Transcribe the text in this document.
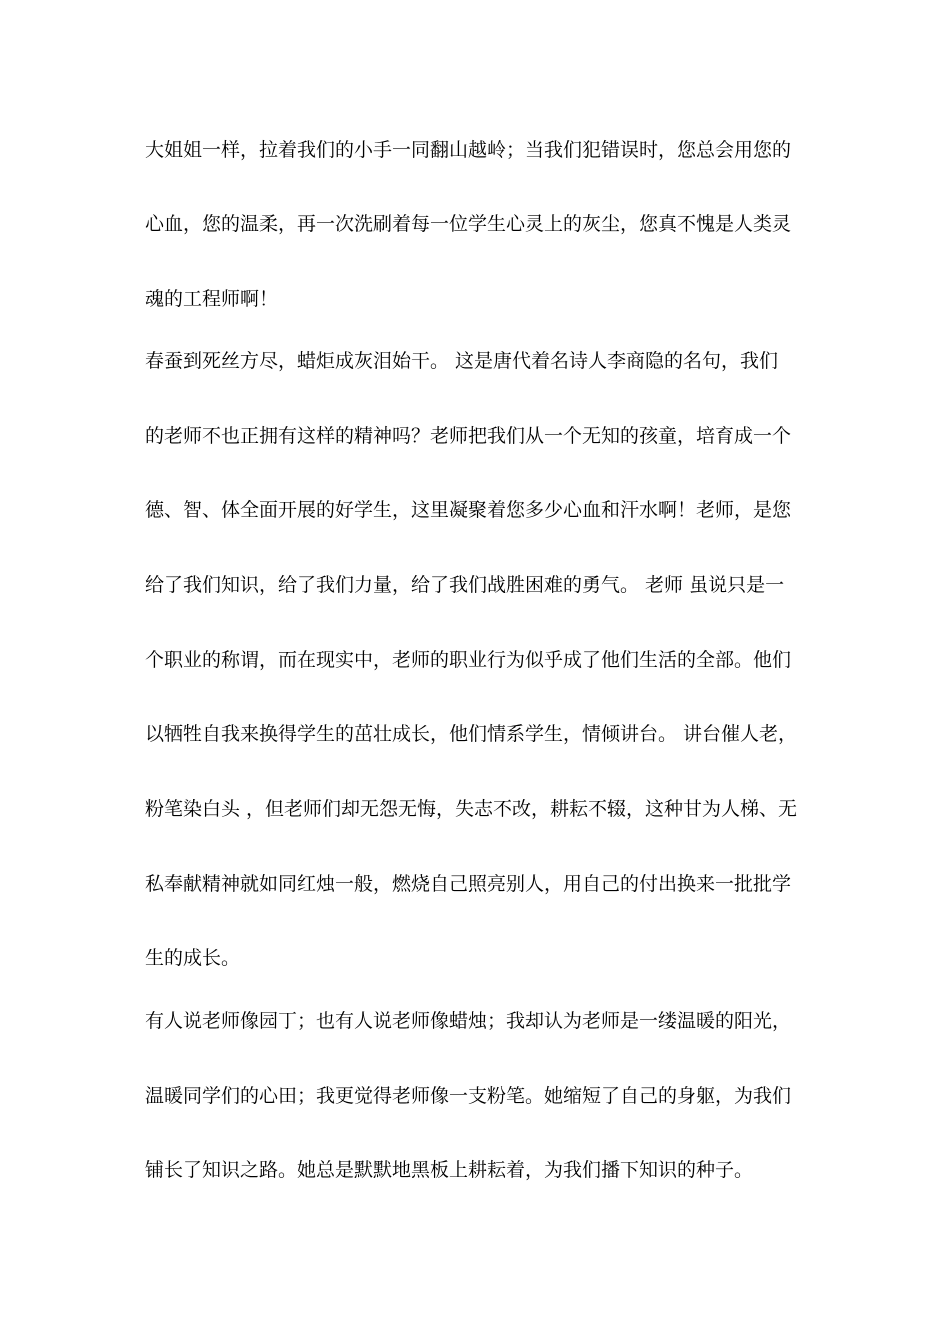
大姐姐一样，拉着我们的小手一同翻山越岭；当我们犯错误时，您总会用您的
心血，您的温柔，再一次洗刷着每一位学生心灵上的灰尘，您真不愧是人类灵
魂的工程师啊！
春蚕到死丝方尽，蜡炬成灰泪始干。 这是唐代着名诗人李商隐的名句，我们
的老师不也正拥有这样的精神吗？老师把我们从一个无知的孩童，培育成一个
德、智、体全面开展的好学生，这里凝聚着您多少心血和汗水啊！老师，是您
给了我们知识，给了我们力量，给了我们战胜困难的勇气。 老师 虽说只是一
个职业的称谓，而在现实中，老师的职业行为似乎成了他们生活的全部。他们
以牺牲自我来换得学生的茁壮成长，他们情系学生，情倾讲台。 讲台催人老，
粉笔染白头 ，但老师们却无怨无悔，失志不改，耕耘不辍，这种甘为人梯、无
私奉献精神就如同红烛一般，燃烧自己照亮别人，用自己的付出换来一批批学
生的成长。
有人说老师像园丁；也有人说老师像蜡烛；我却认为老师是一缕温暖的阳光，
温暖同学们的心田；我更觉得老师像一支粉笔。她缩短了自己的身躯，为我们
铺长了知识之路。她总是默默地黑板上耕耘着，为我们播下知识的种子。
